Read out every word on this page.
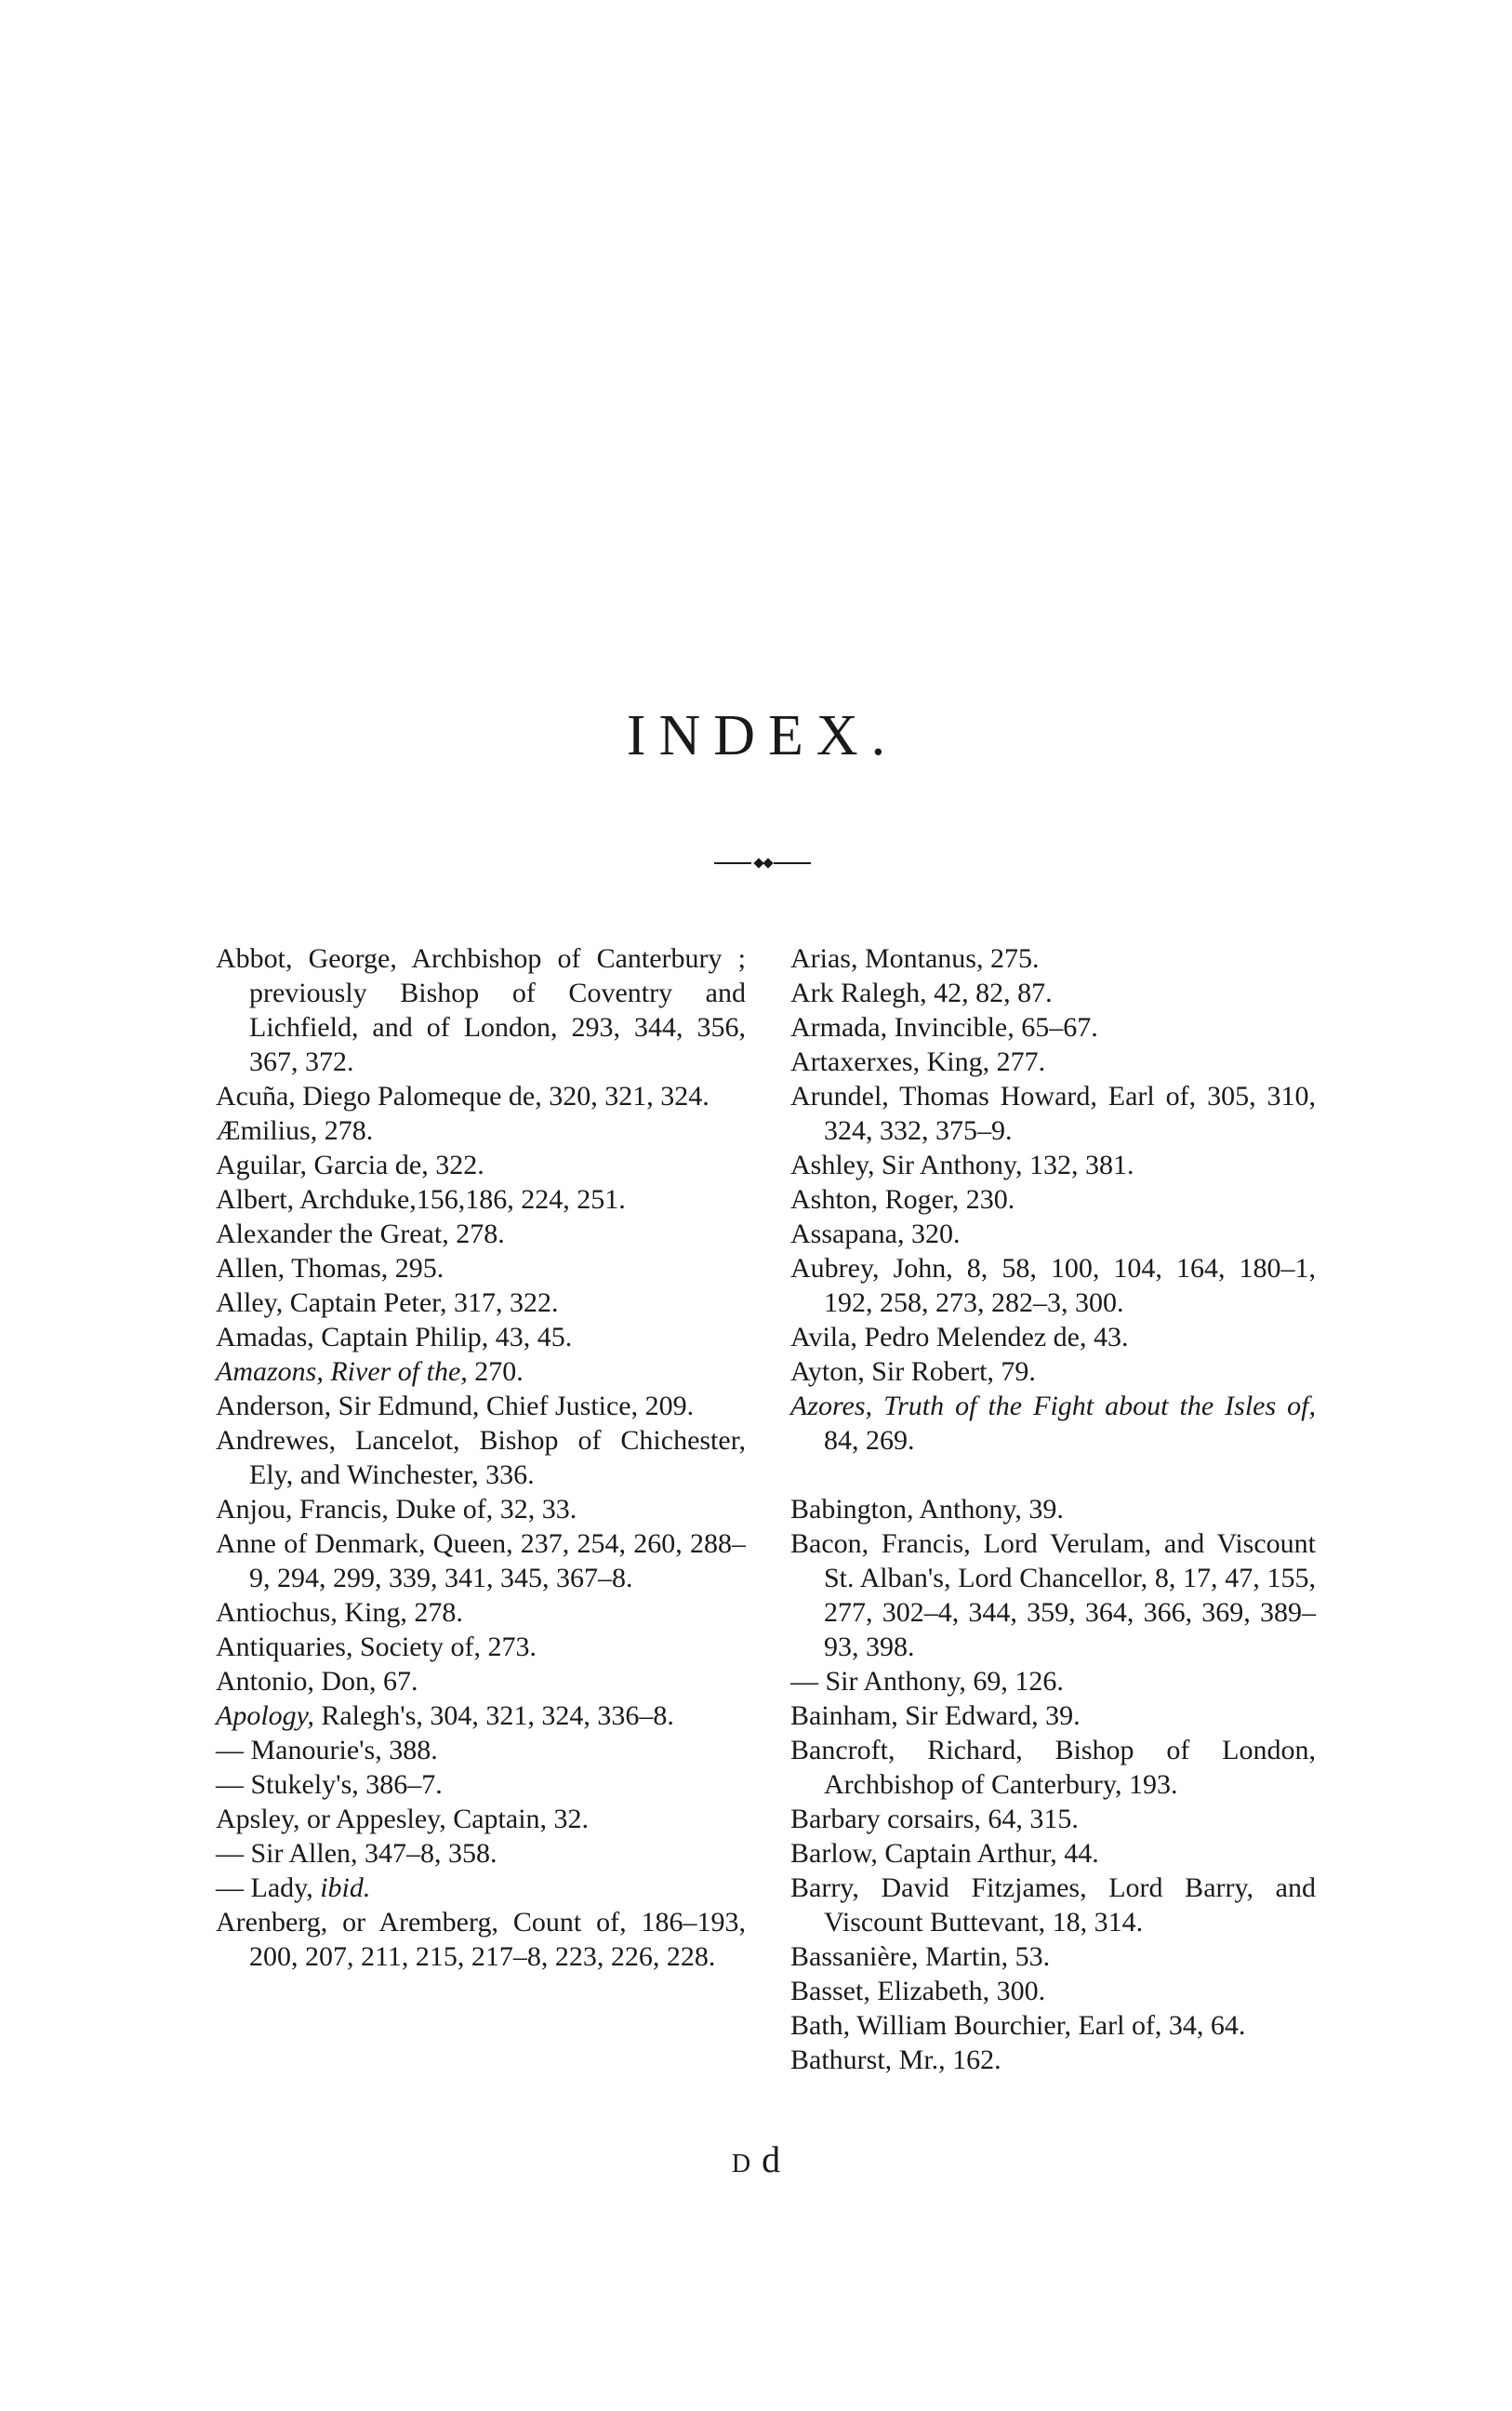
INDEX.

Abbot, George, Archbishop of Canterbury ; previously Bishop of Coventry and Lichfield, and of London, 293, 344, 356, 367, 372.

Acuña, Diego Palomeque de, 320, 321, 324.

Æmilius, 278.

Aguilar, Garcia de, 322.

Albert, Archduke,156,186, 224, 251.

Alexander the Great, 278.

Allen, Thomas, 295.

Alley, Captain Peter, 317, 322.

Amadas, Captain Philip, 43, 45.

Amazons, River of the, 270.

Anderson, Sir Edmund, Chief Justice, 209.

Andrewes, Lancelot, Bishop of Chichester, Ely, and Winchester, 336.

Anjou, Francis, Duke of, 32, 33.

Anne of Denmark, Queen, 237, 254, 260, 288–9, 294, 299, 339, 341, 345, 367–8.

Antiochus, King, 278.

Antiquaries, Society of, 273.

Antonio, Don, 67.

Apology, Ralegh's, 304, 321, 324, 336–8.

— Manourie's, 388.

— Stukely's, 386–7.

Apsley, or Appesley, Captain, 32.

— Sir Allen, 347–8, 358.

— Lady, ibid.

Arenberg, or Aremberg, Count of, 186–193, 200, 207, 211, 215, 217–8, 223, 226, 228.

Arias, Montanus, 275.

Ark Ralegh, 42, 82, 87.

Armada, Invincible, 65–67.

Artaxerxes, King, 277.

Arundel, Thomas Howard, Earl of, 305, 310, 324, 332, 375–9.

Ashley, Sir Anthony, 132, 381.

Ashton, Roger, 230.

Assapana, 320.

Aubrey, John, 8, 58, 100, 104, 164, 180–1, 192, 258, 273, 282–3, 300.

Avila, Pedro Melendez de, 43.

Ayton, Sir Robert, 79.

Azores, Truth of the Fight about the Isles of, 84, 269.

Babington, Anthony, 39.

Bacon, Francis, Lord Verulam, and Viscount St. Alban's, Lord Chancellor, 8, 17, 47, 155, 277, 302–4, 344, 359, 364, 366, 369, 389–93, 398.

— Sir Anthony, 69, 126.

Bainham, Sir Edward, 39.

Bancroft, Richard, Bishop of London, Archbishop of Canterbury, 193.

Barbary corsairs, 64, 315.

Barlow, Captain Arthur, 44.

Barry, David Fitzjames, Lord Barry, and Viscount Buttevant, 18, 314.

Bassanière, Martin, 53.

Basset, Elizabeth, 300.

Bath, William Bourchier, Earl of, 34, 64.

Bathurst, Mr., 162.

D d
